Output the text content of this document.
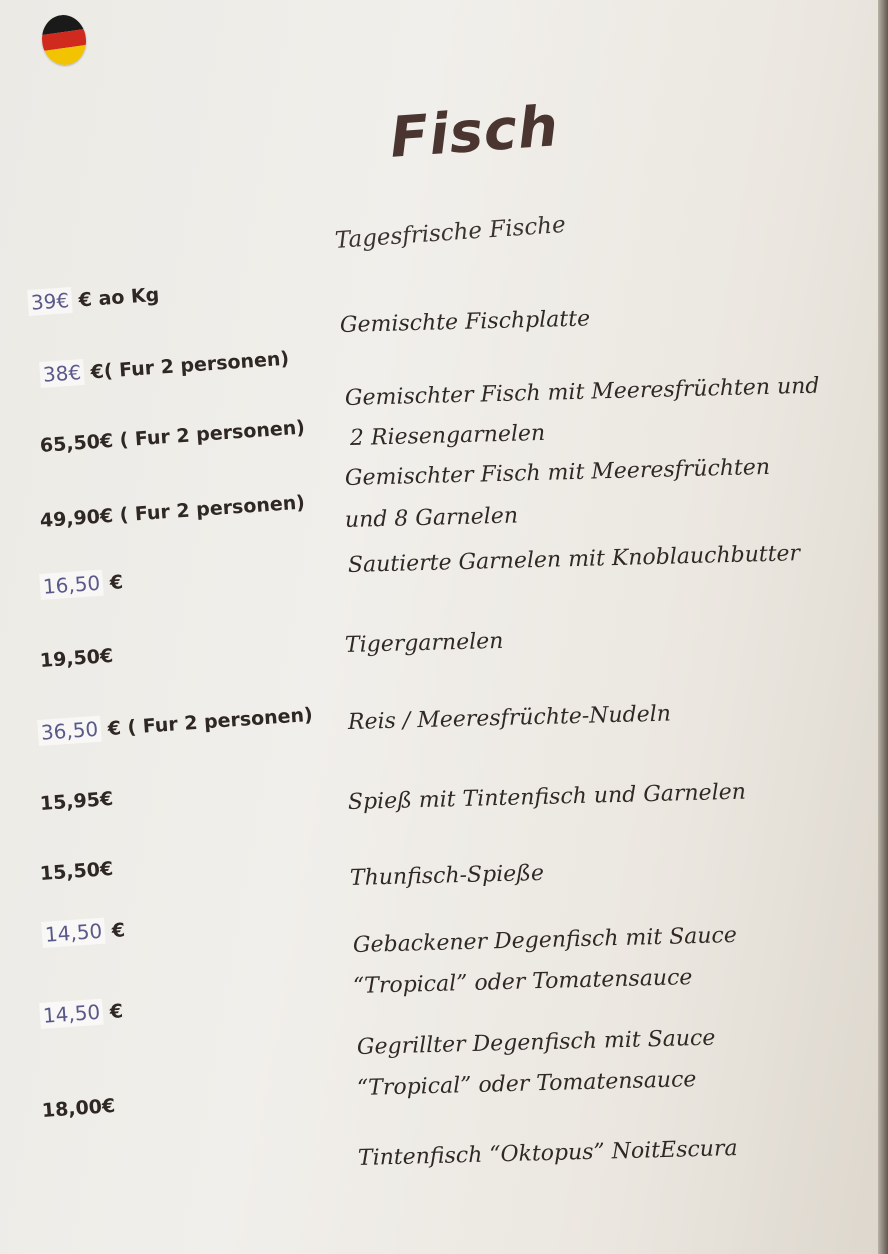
Fisch
Tagesfrische Fische
39€ € ao Kg
38€ €( Fur 2 personen)
65,50€ ( Fur 2 personen)
49,90€ ( Fur 2 personen)
16,50 €
19,50€
36,50 € ( Fur 2 personen)
15,95€
15,50€
14,50 €
14,50 €
18,00€
Gemischte Fischplatte
Gemischter Fisch mit Meeresfrüchten und
2 Riesengarnelen
Gemischter Fisch mit Meeresfrüchten
und 8 Garnelen
Sautierte Garnelen mit Knoblauchbutter
Tigergarnelen
Reis / Meeresfrüchte-Nudeln
Spieß mit Tintenfisch und Garnelen
Thunfisch-Spieße
Gebackener Degenfisch mit Sauce
“Tropical” oder Tomatensauce
Gegrillter Degenfisch mit Sauce
“Tropical” oder Tomatensauce
Tintenfisch “Oktopus” NoitEscura
